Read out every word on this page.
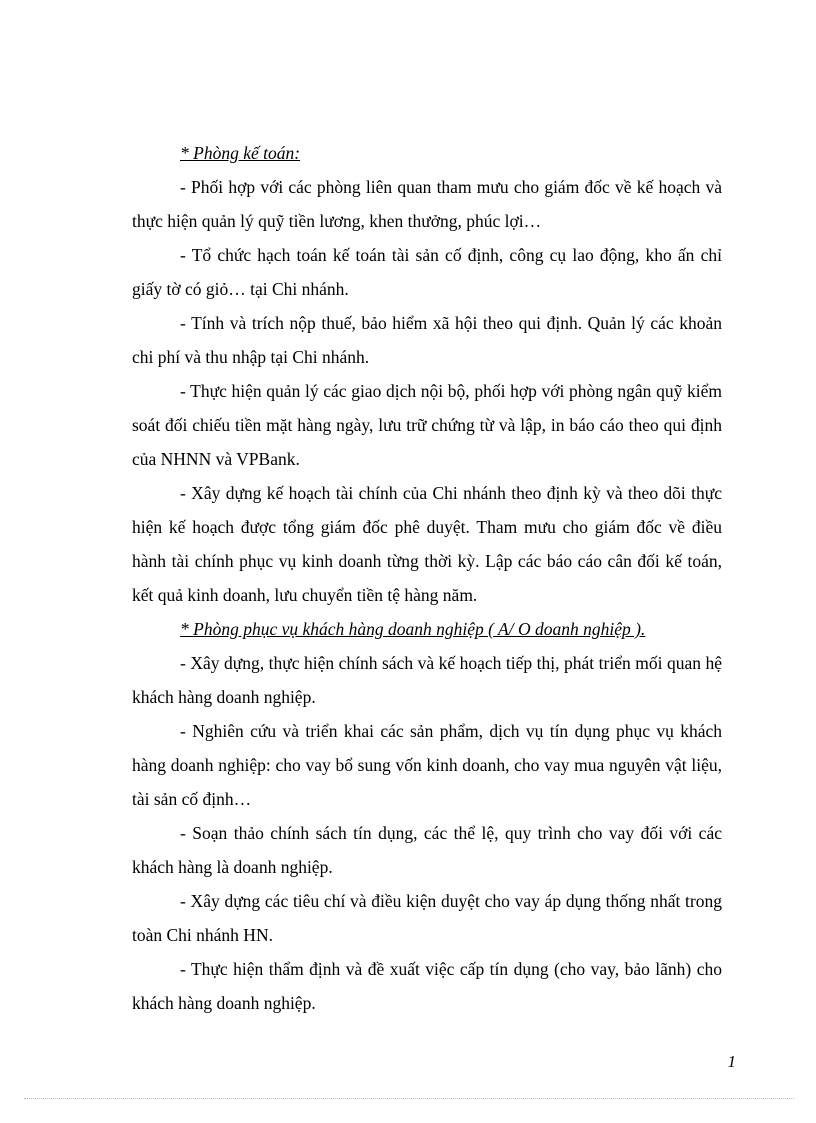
* Phòng kế toán:

- Phối hợp với các phòng liên quan tham mưu cho giám đốc về kế hoạch và thực hiện quản lý quỹ tiền lương, khen thưởng, phúc lợi…

- Tổ chức hạch toán kế toán tài sản cố định, công cụ lao động, kho ấn chỉ giấy tờ có giỏ… tại Chi nhánh.

- Tính và trích nộp thuế, bảo hiểm xã hội theo qui định. Quản lý các khoản chi phí và thu nhập tại Chi nhánh.

- Thực hiện quản lý các giao dịch nội bộ, phối hợp với phòng ngân quỹ kiểm soát đối chiếu tiền mặt hàng ngày, lưu trữ chứng từ và lập, in báo cáo theo qui định của NHNN và VPBank.

- Xây dựng kế hoạch tài chính của Chi nhánh theo định kỳ và theo dõi thực hiện kế hoạch được tổng giám đốc phê duyệt. Tham mưu cho giám đốc về điều hành tài chính phục vụ kinh doanh từng thời kỳ. Lập các báo cáo cân đối kế toán, kết quả kinh doanh, lưu chuyển tiền tệ hàng năm.

* Phòng phục vụ khách hàng doanh nghiệp ( A/ O doanh nghiệp ).

- Xây dựng, thực hiện chính sách và kế hoạch tiếp thị, phát triển mối quan hệ khách hàng doanh nghiệp.

- Nghiên cứu và triển khai các sản phẩm, dịch vụ tín dụng phục vụ khách hàng doanh nghiệp: cho vay bổ sung vốn kinh doanh, cho vay mua nguyên vật liệu, tài sản cố định…

- Soạn thảo chính sách tín dụng, các thể lệ, quy trình cho vay đối với các khách hàng là doanh nghiệp.

- Xây dựng các tiêu chí và điều kiện duyệt cho vay áp dụng thống nhất trong toàn Chi nhánh HN.

- Thực hiện thẩm định và đề xuất việc cấp tín dụng (cho vay, bảo lãnh) cho khách hàng doanh nghiệp.

1
